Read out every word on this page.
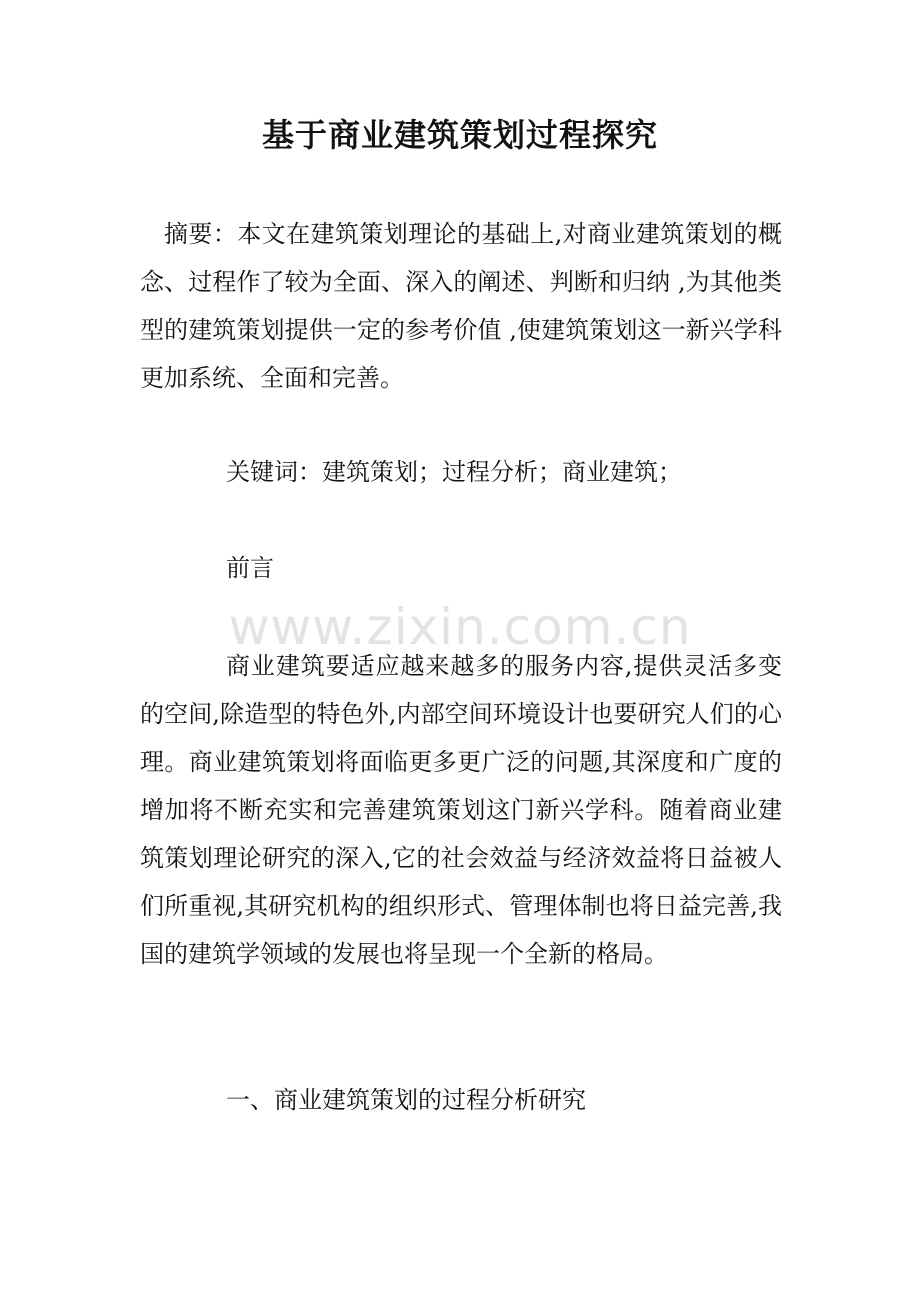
基于商业建筑策划过程探究

摘要：本文在建筑策划理论的基础上,对商业建筑策划的概念、过程作了较为全面、深入的阐述、判断和归纳 ,为其他类型的建筑策划提供一定的参考价值 ,使建筑策划这一新兴学科更加系统、全面和完善。

关键词：建筑策划；过程分析；商业建筑；

前言

www.zixin.com.cn

商业建筑要适应越来越多的服务内容,提供灵活多变的空间,除造型的特色外,内部空间环境设计也要研究人们的心理。商业建筑策划将面临更多更广泛的问题,其深度和广度的增加将不断充实和完善建筑策划这门新兴学科。随着商业建筑策划理论研究的深入,它的社会效益与经济效益将日益被人们所重视,其研究机构的组织形式、管理体制也将日益完善,我国的建筑学领域的发展也将呈现一个全新的格局。

一、商业建筑策划的过程分析研究
